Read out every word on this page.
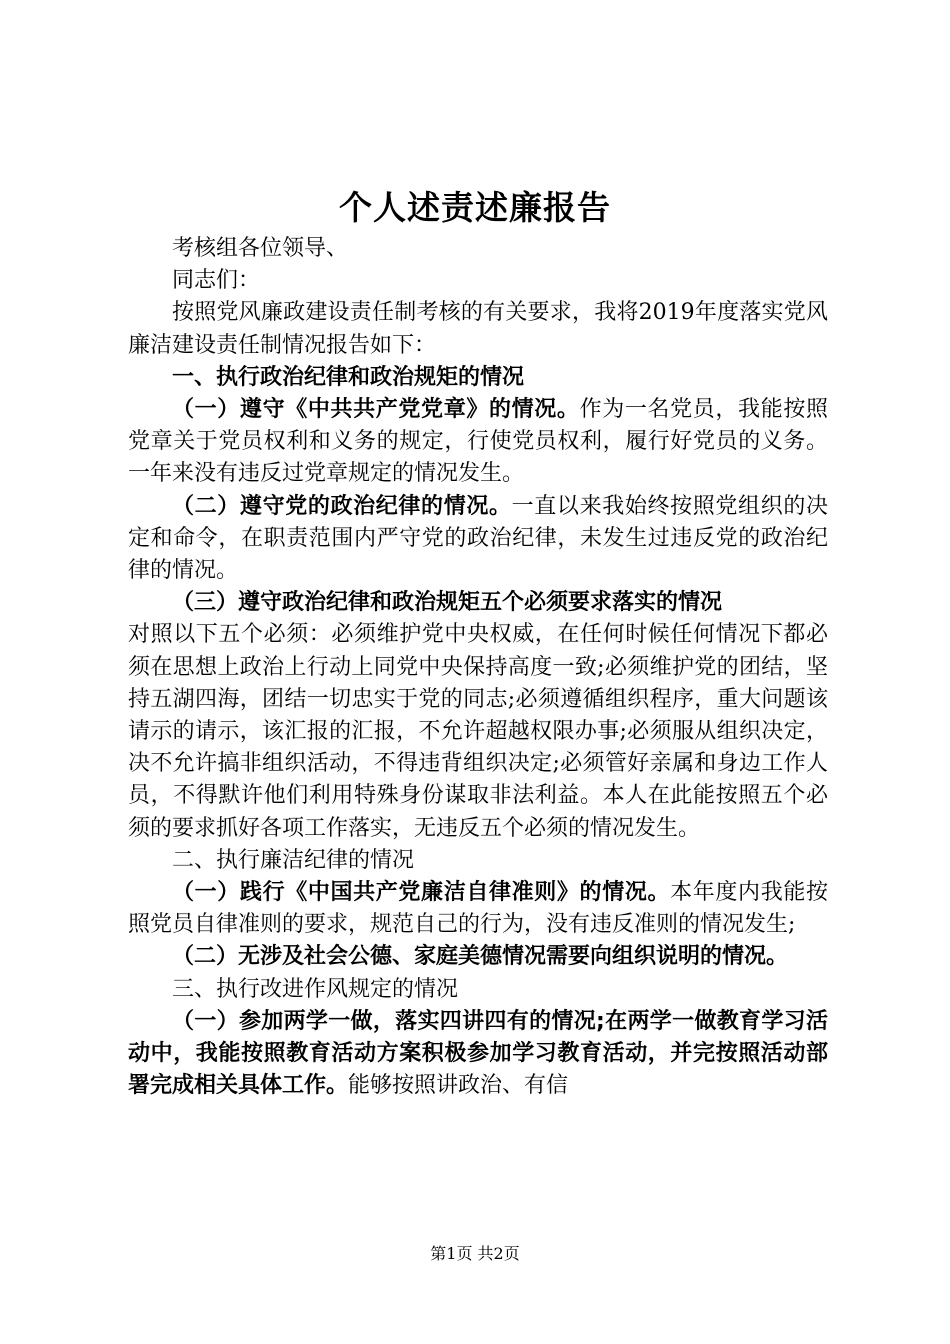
个人述责述廉报告

考核组各位领导、

同志们：

按照党风廉政建设责任制考核的有关要求，我将2019年度落实党风廉洁建设责任制情况报告如下：

一、执行政治纪律和政治规矩的情况

（一）遵守《中共共产党党章》的情况。作为一名党员，我能按照党章关于党员权利和义务的规定，行使党员权利，履行好党员的义务。一年来没有违反过党章规定的情况发生。

（二）遵守党的政治纪律的情况。一直以来我始终按照党组织的决定和命令，在职责范围内严守党的政治纪律，未发生过违反党的政治纪律的情况。

（三）遵守政治纪律和政治规矩五个必须要求落实的情况

对照以下五个必须：必须维护党中央权威，在任何时候任何情况下都必须在思想上政治上行动上同党中央保持高度一致;必须维护党的团结，坚持五湖四海，团结一切忠实于党的同志;必须遵循组织程序，重大问题该请示的请示，该汇报的汇报，不允许超越权限办事;必须服从组织决定，决不允许搞非组织活动，不得违背组织决定;必须管好亲属和身边工作人员，不得默许他们利用特殊身份谋取非法利益。本人在此能按照五个必须的要求抓好各项工作落实，无违反五个必须的情况发生。

二、执行廉洁纪律的情况

（一）践行《中国共产党廉洁自律准则》的情况。本年度内我能按照党员自律准则的要求，规范自己的行为，没有违反准则的情况发生;

（二）无涉及社会公德、家庭美德情况需要向组织说明的情况。

三、执行改进作风规定的情况

（一）参加两学一做，落实四讲四有的情况;在两学一做教育学习活动中，我能按照教育活动方案积极参加学习教育活动，并完按照活动部署完成相关具体工作。能够按照讲政治、有信

第1页 共2页
